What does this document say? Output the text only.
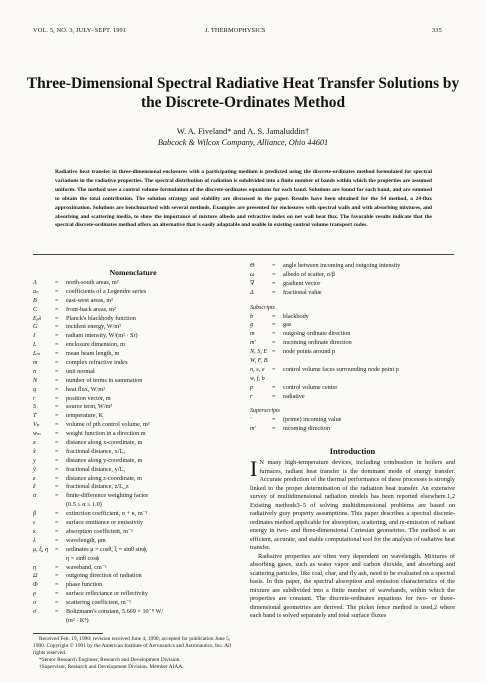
VOL. 5, NO. 3, JULY–SEPT. 1991	J. THERMOPHYSICS	335
Three-Dimensional Spectral Radiative Heat Transfer Solutions by the Discrete-Ordinates Method
W. A. Fiveland* and A. S. Jamaluddin†
Babcock & Wilcox Company, Alliance, Ohio 44601
Radiative heat transfer in three-dimensional enclosures with a participating medium is predicted using the discrete-ordinates method formulated for spectral variations in the radiative properties. The spectral distribution of radiation is subdivided into a finite number of bands within which the properties are assumed uniform. The method uses a control volume formulation of the discrete-ordinates equations for each band. Solutions are found for each band, and are summed to obtain the total contribution. The solution strategy and stability are discussed in the paper. Results have been obtained for the S4 method, a 24-flux approximation. Solutions are benchmarked with several methods. Examples are presented for enclosures with spectral walls and with absorbing mixtures, and absorbing and scattering media, to show the importance of mixture albedo and refractive index on net wall heat flux. The favorable results indicate that the spectral discrete-ordinates method offers an alternative that is easily adaptable and usable in existing control volume transport codes.
Nomenclature
A	= north-south areas, m²
aₙ	= coefficients of a Legendre series
B	= east-west areas, m²
C	= front-back areas, m²
Eᵦλ = Planck's blackbody function
G	= incident energy, W/m²
I	= radiant intensity, W/(m² · Sr)
L	= enclosure dimension, m
Lₘ = mean beam length, m
m	= complex refractive index
n	= unit normal
N	= number of terms in summation
q	= heat flux, W/m²
r	= position vector, m
S	= source term, W/m³
T	= temperature, K
Vₚ	= volume of pth control volume, m³
wₘ = weight function in a direction m
x	= distance along x-coordinate, m
x̃	= fractional distance, x/Lₓ
y	= distance along y-coordinate, m
ỹ	= fractional distance, y/Lᵧ
z	= distance along z-coordinate, m
z̃	= fractional distance, z/L_z
α	= finite-difference weighting factor
(0.5 ≤ α ≤ 1.0)
β	= extinction coefficient, σ + κ, m⁻¹
ε	= surface emittance or emissivity
κ	= absorption coefficient, m⁻¹
λ	= wavelength, μm
μ, ξ, η = ordinates μ = cosθ, ξ = sinθ sinϕ,
η = sinθ cosϕ
η	= waveband, cm⁻¹
Ω	= outgoing direction of radiation
Φ	= phase function
ρ	= surface reflectance or reflectivity
σ	= scattering coefficient, m⁻¹
σ̄	= Boltzmann's constant, 5.669 × 10⁻⁸ W/
(m² · K⁴)
Θ	= angle between incoming and outgoing intensity
ω	= albedo of scatter, σ/β
∇	= gradient vector
Δ	= fractional value
Subscripts
b	= blackbody
g	= gas
m	= outgoing ordinate direction
m′	= incoming ordinate direction
N, S, E = node points around p
W, F, B
n, s, e = control volume faces surrounding node point p
w, f, b
p	= control volume center
r	= radiative
Superscripts
′	= (prime) incoming value
m′	= incoming direction
Received Feb. 19, 1990; revision received June 4, 1990; accepted for publication June 5, 1990. Copyright © 1991 by the American Institute of Aeronautics and Astronautics, Inc. All rights reserved.
*Senior Research Engineer, Research and Development Division.
†Supervisor, Research and Development Division. Member AIAA.
Introduction

I N many high-temperature devices, including combustion in boilers and furnaces, radiant heat transfer is the dominant mode of energy transfer. Accurate prediction of the thermal performance of these processes is strongly linked to the proper determination of the radiation heat transfer. An extensive survey of multidimensional radiation models has been reported elsewhere.1,2 Existing methods3–5 of solving multidimensional problems are based on radiatively gray property assumptions. This paper describes a spectral discrete-ordinates method applicable for absorption, scattering, and re-emission of radiant energy in two- and three-dimensional Cartesian geometries. The method is an efficient, accurate, and stable computational tool for the analysis of radiative heat transfer.

Radiative properties are often very dependent on wavelength. Mixtures of absorbing gases, such as water vapor and carbon dioxide, and absorbing and scattering particles, like coal, char, and fly ash, need to be evaluated on a spectral basis. In this paper, the spectral absorption and emission characteristics of the mixture are subdivided into a finite number of wavebands, within which the properties are constant. The discrete-ordinates equations for two- or three-dimensional geometries are derived. The picket fence method is used,2 where each band is solved separately and total surface fluxes
